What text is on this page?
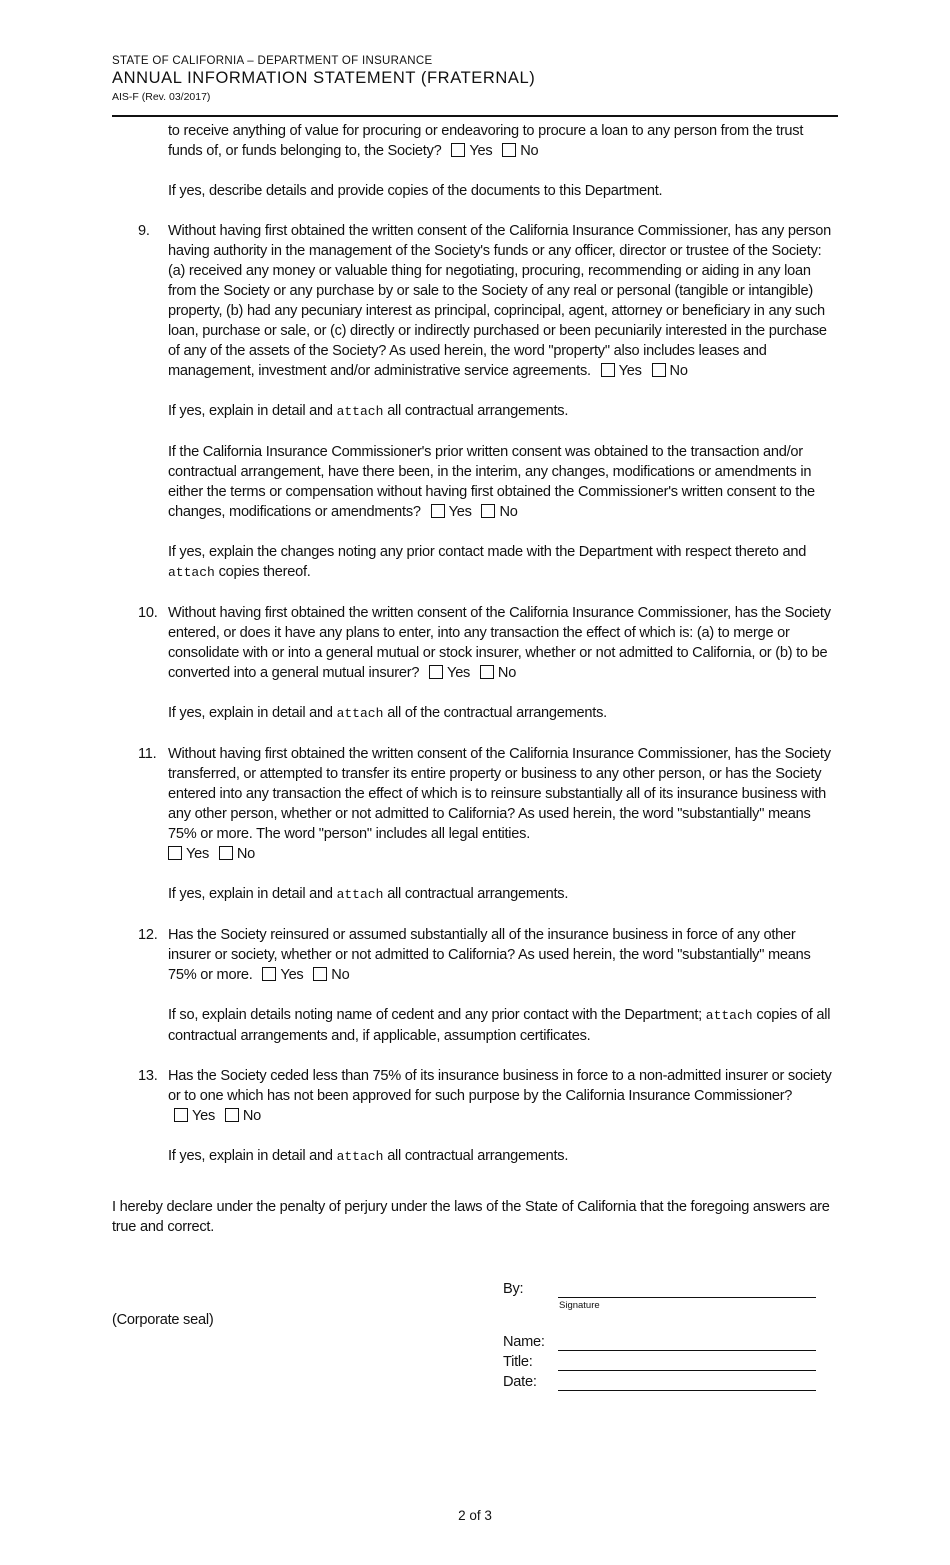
STATE OF CALIFORNIA – DEPARTMENT OF INSURANCE
ANNUAL INFORMATION STATEMENT (FRATERNAL)
AIS-F (Rev. 03/2017)
to receive anything of value for procuring or endeavoring to procure a loan to any person from the trust funds of, or funds belonging to, the Society? Yes No
If yes, describe details and provide copies of the documents to this Department.
9.	Without having first obtained the written consent of the California Insurance Commissioner, has any person having authority in the management of the Society's funds or any officer, director or trustee of the Society: (a) received any money or valuable thing for negotiating, procuring, recommending or aiding in any loan from the Society or any purchase by or sale to the Society of any real or personal (tangible or intangible) property, (b) had any pecuniary interest as principal, coprincipal, agent, attorney or beneficiary in any such loan, purchase or sale, or (c) directly or indirectly purchased or been pecuniarily interested in the purchase of any of the assets of the Society? As used herein, the word "property" also includes leases and management, investment and/or administrative service agreements. Yes No
If yes, explain in detail and attach all contractual arrangements.
If the California Insurance Commissioner's prior written consent was obtained to the transaction and/or contractual arrangement, have there been, in the interim, any changes, modifications or amendments in either the terms or compensation without having first obtained the Commissioner's written consent to the changes, modifications or amendments? Yes No
If yes, explain the changes noting any prior contact made with the Department with respect thereto and attach copies thereof.
10. Without having first obtained the written consent of the California Insurance Commissioner, has the Society entered, or does it have any plans to enter, into any transaction the effect of which is: (a) to merge or consolidate with or into a general mutual or stock insurer, whether or not admitted to California, or (b) to be converted into a general mutual insurer? Yes No
If yes, explain in detail and attach all of the contractual arrangements.
11. Without having first obtained the written consent of the California Insurance Commissioner, has the Society transferred, or attempted to transfer its entire property or business to any other person, or has the Society entered into any transaction the effect of which is to reinsure substantially all of its insurance business with any other person, whether or not admitted to California? As used herein, the word "substantially" means 75% or more. The word "person" includes all legal entities.
Yes No
If yes, explain in detail and attach all contractual arrangements.
12. Has the Society reinsured or assumed substantially all of the insurance business in force of any other insurer or society, whether or not admitted to California? As used herein, the word "substantially" means 75% or more. Yes No
If so, explain details noting name of cedent and any prior contact with the Department; attach copies of all contractual arrangements and, if applicable, assumption certificates.
13. Has the Society ceded less than 75% of its insurance business in force to a non-admitted insurer or society or to one which has not been approved for such purpose by the California Insurance Commissioner? Yes No
If yes, explain in detail and attach all contractual arrangements.
I hereby declare under the penalty of perjury under the laws of the State of California that the foregoing answers are true and correct.
By:
Signature
(Corporate seal)
Name:
Title:
Date:
2 of 3
